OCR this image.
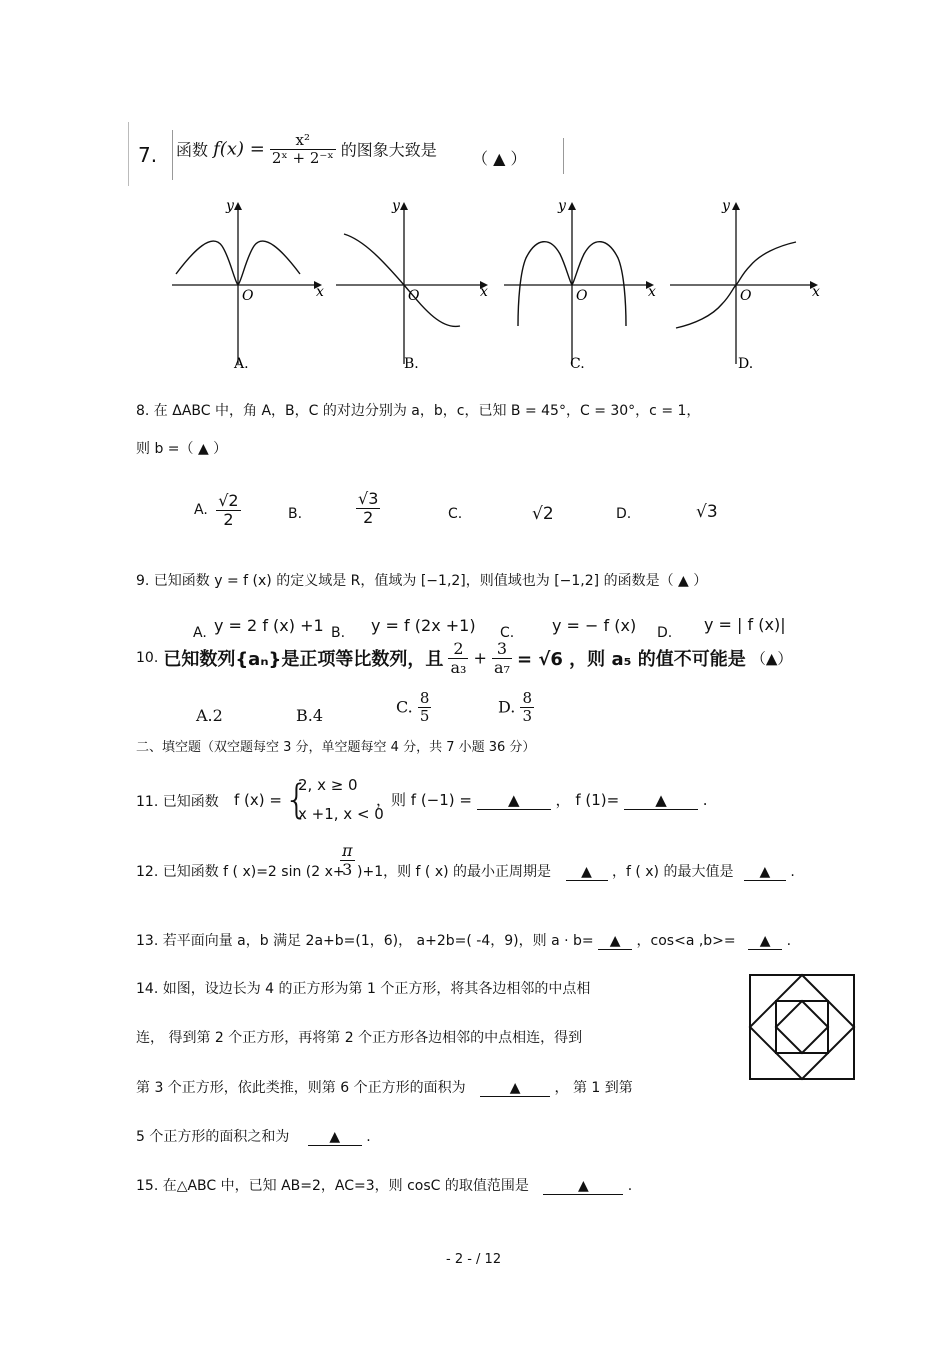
7. 函数 $f(x) = \frac{\text{x²}}{\text{2ˣ + 2⁻ˣ}}$ 的图象大致是 （ ▲ ）
y
x
O
A.
y
x
O
B.
y
x
O
C.
y
x
O
D.
8. 在 ΔABC 中，角 A，B，C 的对边分别为 a，b，c，已知 B = 45°，C = 30°，c = 1，
则 b =（ ▲ ）
A. $\frac{√2}{2}$	B.	$\frac{√3}{2}$	C.	√2	D.	√3
9. 已知函数 y = f (x) 的定义域是 R，值域为 [−1,2]，则值域也为 [−1,2] 的函数是（ ▲ ）
A. y = 2 f (x) +1 B. y = f (2x +1) C. y = − f (x) D. y = | f (x)|
10. 已知数列{aₙ}是正项等比数列，且 $\frac{2}{\text{a₃}} + \frac{3}{\text{a₇}} = √6$ ，则 a₅ 的值不可能是 （▲）
A.2	B.4	C. $\frac{8}{5}$	D. $\frac{8}{3}$
二、填空题（双空题每空 3 分，单空题每空 4 分，共 7 小题 36 分）
11. 已知函数 f (x) = {
2, x ≥ 0
x +1, x < 0
，则 f (−1) = ▲ ， f (1)= ▲ .
12. 已知函数 f ( x)=2 sin (2 x+
$\frac{\pi}{3} )+1$，则 f ( x) 的最小正周期是 ▲ ，f ( x) 的最大值是 ▲ .
13. 若平面向量 a，b 满足 2a+b=(1，6)， a+2b=( -4，9)，则 a · b= ▲ ，cos<a ,b>= ▲ .
14. 如图，设边长为 4 的正方形为第 1 个正方形，将其各边相邻的中点相
连， 得到第 2 个正方形，再将第 2 个正方形各边相邻的中点相连，得到
第 3 个正方形，依此类推，则第 6 个正方形的面积为	▲ ， 第 1 到第
5 个正方形的面积之和为	▲ .
15. 在△ABC 中，已知 AB=2，AC=3，则 cosC 的取值范围是	▲	.
- 2 - / 12
